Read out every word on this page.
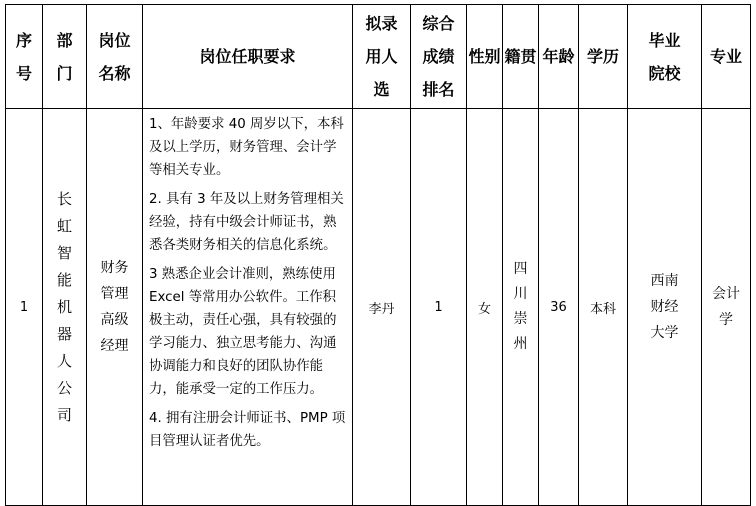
序号	部门	岗位名称	岗位任职要求	拟录用人选	综合成绩排名	性别	籍贯	年龄	学历	毕业院校	专业
1	长虹智能机器人公司	财务管理高级经理	1、年龄要求 40 周岁以下，本科及以上学历，财务管理、会计学等相关专业。

2. 具有 3 年及以上财务管理相关经验，持有中级会计师证书，熟悉各类财务相关的信息化系统。

3 熟悉企业会计准则，熟练使用 Excel 等常用办公软件。工作积极主动，责任心强，具有较强的学习能力、独立思考能力、沟通协调能力和良好的团队协作能力，能承受一定的工作压力。

4. 拥有注册会计师证书、PMP 项目管理认证者优先。	李丹	1	女	四川崇州	36	本科	西南财经大学	会计学
